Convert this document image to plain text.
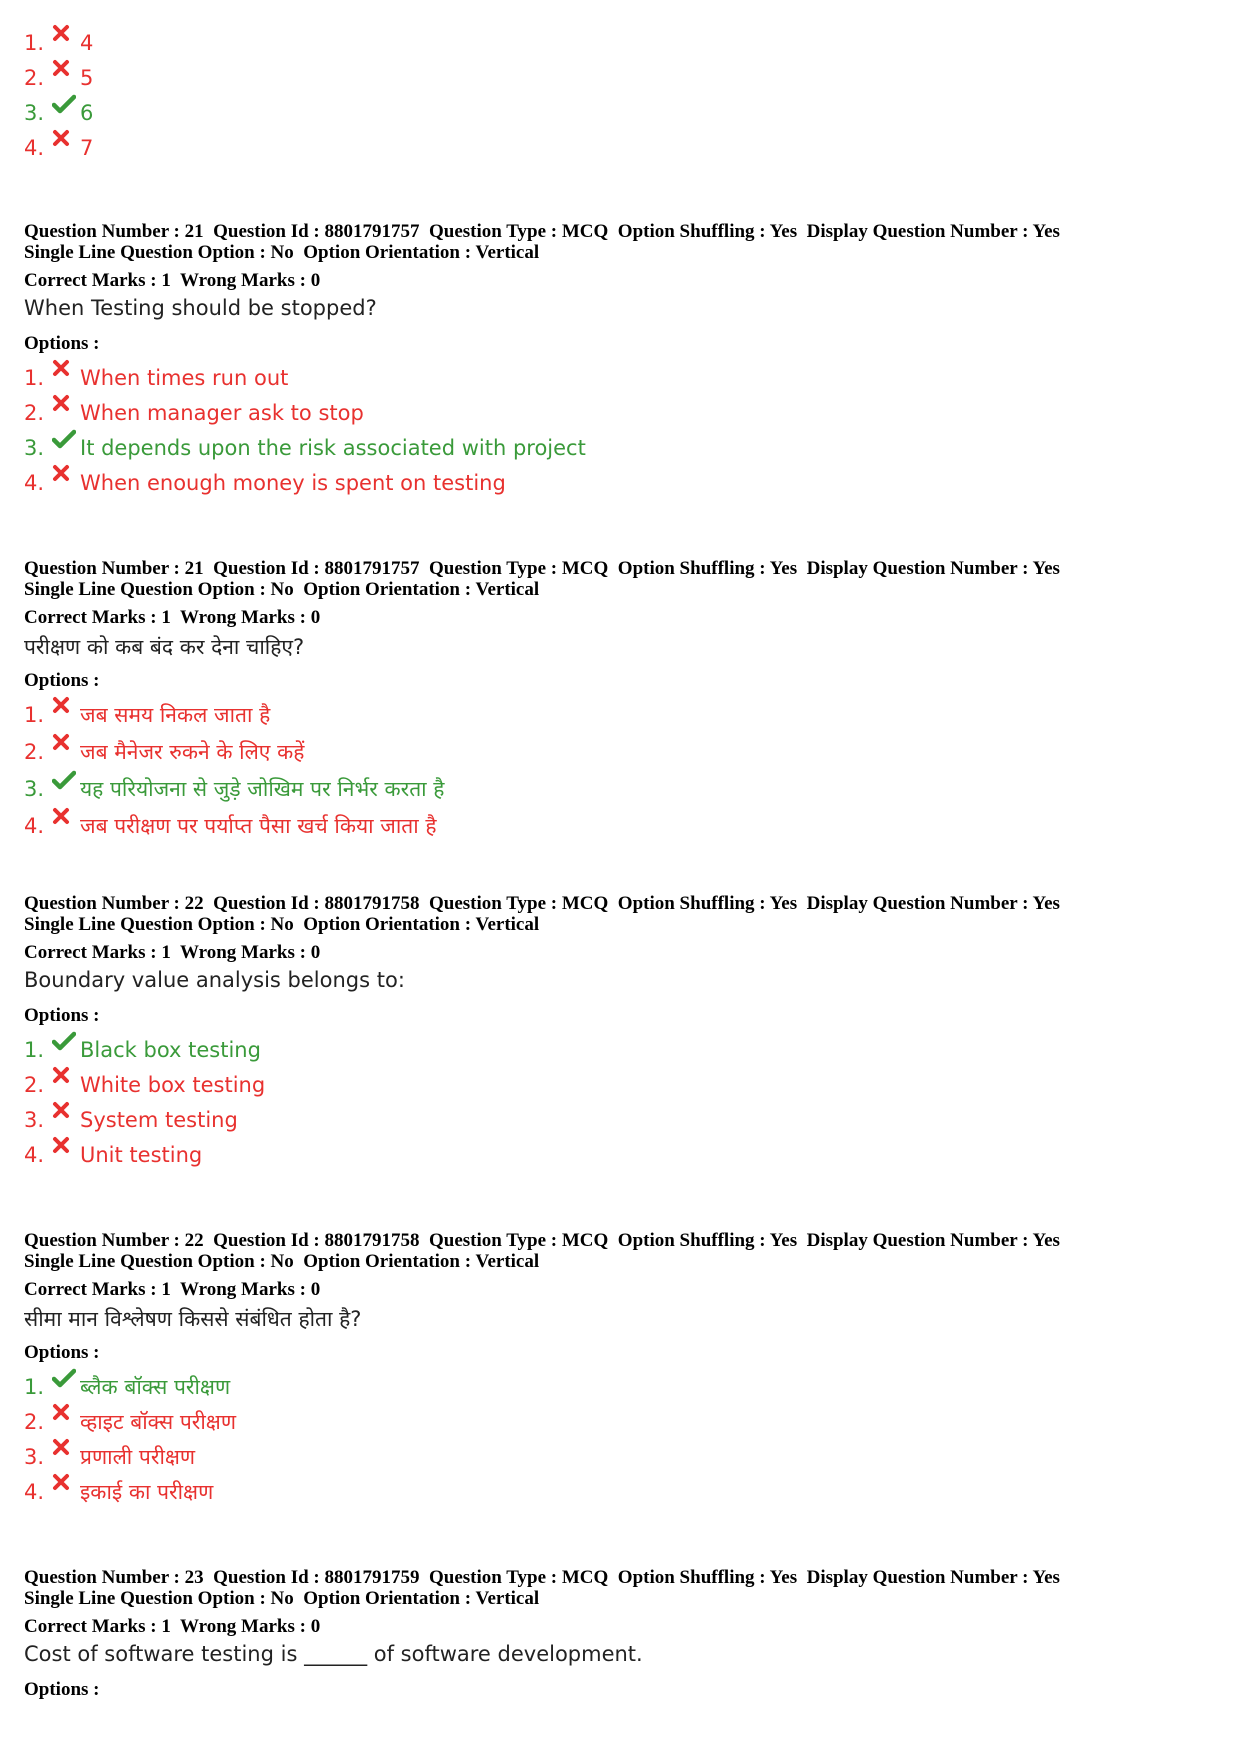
1.	4
2.	5
3.	6
4.	7
Question Number : 21  Question Id : 8801791757  Question Type : MCQ  Option Shuffling : Yes  Display Question Number : Yes
Single Line Question Option : No  Option Orientation : Vertical
Correct Marks : 1  Wrong Marks : 0
When Testing should be stopped?
Options :
1.	When times run out
2.	When manager ask to stop
3.	It depends upon the risk associated with project
4.	When enough money is spent on testing
Question Number : 21  Question Id : 8801791757  Question Type : MCQ  Option Shuffling : Yes  Display Question Number : Yes
Single Line Question Option : No  Option Orientation : Vertical
Correct Marks : 1  Wrong Marks : 0
परीक्षण को कब बंद कर देना चाहिए?
Options :
1.	जब समय निकल जाता है
2.	जब मैनेजर रुकने के लिए कहें
3.	यह परियोजना से जुड़े जोखिम पर निर्भर करता है
4.	जब परीक्षण पर पर्याप्त पैसा खर्च किया जाता है
Question Number : 22  Question Id : 8801791758  Question Type : MCQ  Option Shuffling : Yes  Display Question Number : Yes
Single Line Question Option : No  Option Orientation : Vertical
Correct Marks : 1  Wrong Marks : 0
Boundary value analysis belongs to:
Options :
1.	Black box testing
2.	White box testing
3.	System testing
4.	Unit testing
Question Number : 22  Question Id : 8801791758  Question Type : MCQ  Option Shuffling : Yes  Display Question Number : Yes
Single Line Question Option : No  Option Orientation : Vertical
Correct Marks : 1  Wrong Marks : 0
सीमा मान विश्लेषण किससे संबंधित होता है?
Options :
1.	ब्लैक बॉक्स परीक्षण
2.	व्हाइट बॉक्स परीक्षण
3.	प्रणाली परीक्षण
4.	इकाई का परीक्षण
Question Number : 23  Question Id : 8801791759  Question Type : MCQ  Option Shuffling : Yes  Display Question Number : Yes
Single Line Question Option : No  Option Orientation : Vertical
Correct Marks : 1  Wrong Marks : 0
Cost of software testing is ______ of software development.
Options :
